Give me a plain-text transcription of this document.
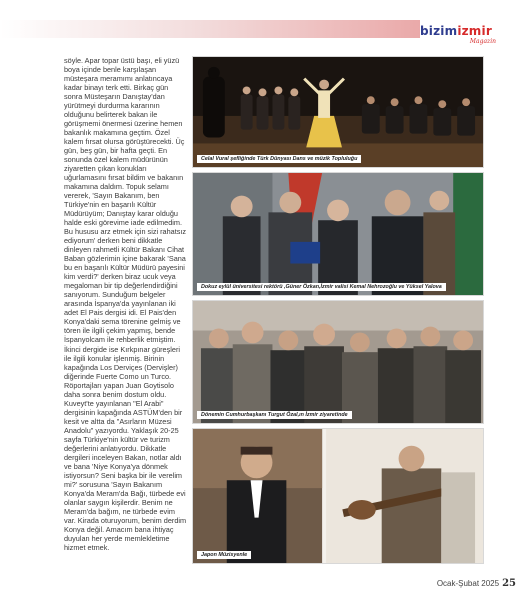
bizimizmir
Magazin

söyle. Apar topar üstü başı, eli yüzü boya içinde benle karşılaşan müsteşara meramımı anlatıncaya kadar binayı terk etti. Birkaç gün sonra Müsteşarın Danıştay'dan yürütmeyi durdurma kararının olduğunu belirterek bakan ile görüşmemi önermesi üzerine hemen bakanlık makamına geçtim. Özel kalem fırsat olursa görüştürecekti. Üç gün, beş gün, bir hafta geçti. En sonunda özel kalem müdürünün ziyaretten çıkan konukları uğurlamasını fırsat bildim ve bakanın makamına daldım. Topuk selamı vererek, 'Sayın Bakanım, ben Türkiye'nin en başarılı Kültür Müdürüyüm; Danıştay karar olduğu halde eski görevime iade edilmedim. Bu hususu arz etmek için sizi rahatsız ediyorum' derken beni dikkatle dinleyen rahmetli Kültür Bakanı Cihat Baban gözlerimin içine bakarak 'Sana bu en başarılı Kültür Müdürü payesini kim verdi?' derken biraz ucuk veya megaloman bir tip değerlendirdiğini sanıyorum. Sunduğum belgeler arasında İspanya'da yayınlanan iki adet El Pais dergisi idi. El Pais'den Konya'daki sema törenine gelmiş ve tören ile ilgili çekim yapmış, bende İspanyolcam ile rehberlik etmiştim. İkinci dergide ise Kırkpınar güreşleri ile ilgili konular işlenmiş. Birinin kapağında Los Derviçes (Dervişler) diğerinde Fuerte Como un Turco. Röportajları yapan Juan Goytisolo daha sonra benim dostum oldu. Kuveyt'te yayınlanan "El Arabi" dergisinin kapağında ASTÜM'den bir kesit ve altta da "Asırların Müzesi Anadolu" yazıyordu. Yaklaşık 20-25 sayfa Türkiye'nin kültür ve turizm değerlerini anlatıyordu. Dikkatle dergileri inceleyen Bakan, notlar aldı ve bana 'Niye Konya'ya dönmek istiyorsun? Seni başka bir ile verelim mi?' sorusuna 'Sayın Bakanım Konya'da Meram'da Bağı, türbede evi olanlar saygın kişilerdir. Benim ne Meram'da bağım, ne türbede evim var. Kirada oturuyorum, benim derdim Konya değil. Amacım bana ihtiyaç duyulan her yerde memlekletime hizmet etmek.

Celal Vural şefliğinde Türk Dünyası Dans ve müzik Topluluğu
Dokuz eylül üniversitesi rektörü ,Güner Özkan,İzmir valisi Kemal Nehrozoğlu ve Yüksel Yalova
Dönemin Cumhurbaşkanı Turgut Özal,ın İzmir ziyaretinde
Japon Müzisyenle
Ocak-Şubat 2025 25
